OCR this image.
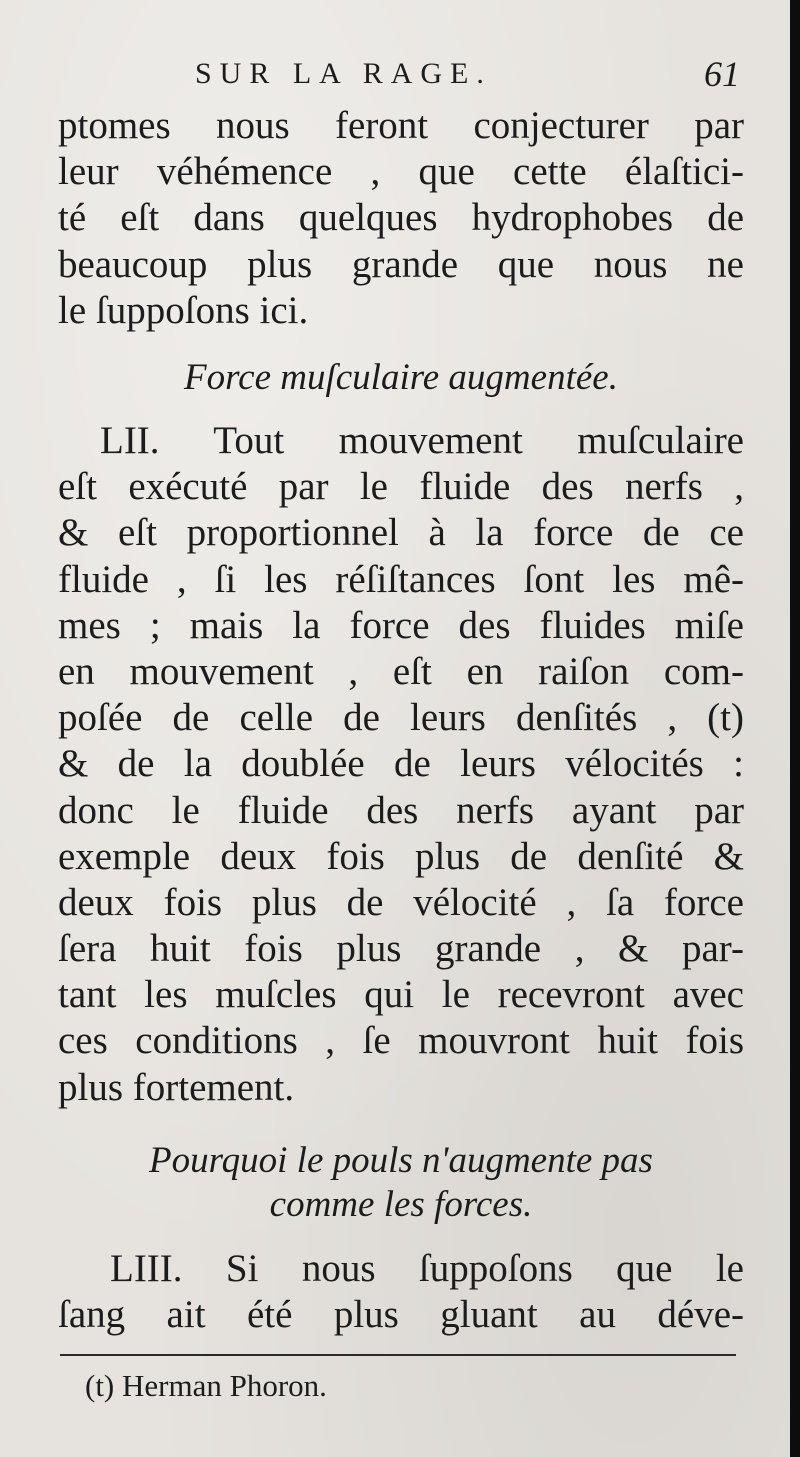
SUR LA RAGE.	61
ptomes nous feront conjecturer par
leur véhémence , que cette élaſtici-
té eſt dans quelques hydrophobes de
beaucoup plus grande que nous ne
le ſuppoſons ici.
Force muſculaire augmentée.
LII. Tout mouvement muſculaire
eſt exécuté par le fluide des nerfs ,
& eſt proportionnel à la force de ce
fluide , ſi les réſiſtances ſont les mê-
mes ; mais la force des fluides miſe
en mouvement , eſt en raiſon com-
poſée de celle de leurs denſités , (t)
& de la doublée de leurs vélocités :
donc le fluide des nerfs ayant par
exemple deux fois plus de denſité &
deux fois plus de vélocité , ſa force
ſera huit fois plus grande , & par-
tant les muſcles qui le recevront avec
ces conditions , ſe mouvront huit fois
plus fortement.
Pourquoi le pouls n'augmente pas
comme les forces.
LIII. Si nous ſuppoſons que le
ſang ait été plus gluant au déve-
(t) Herman Phoron.
